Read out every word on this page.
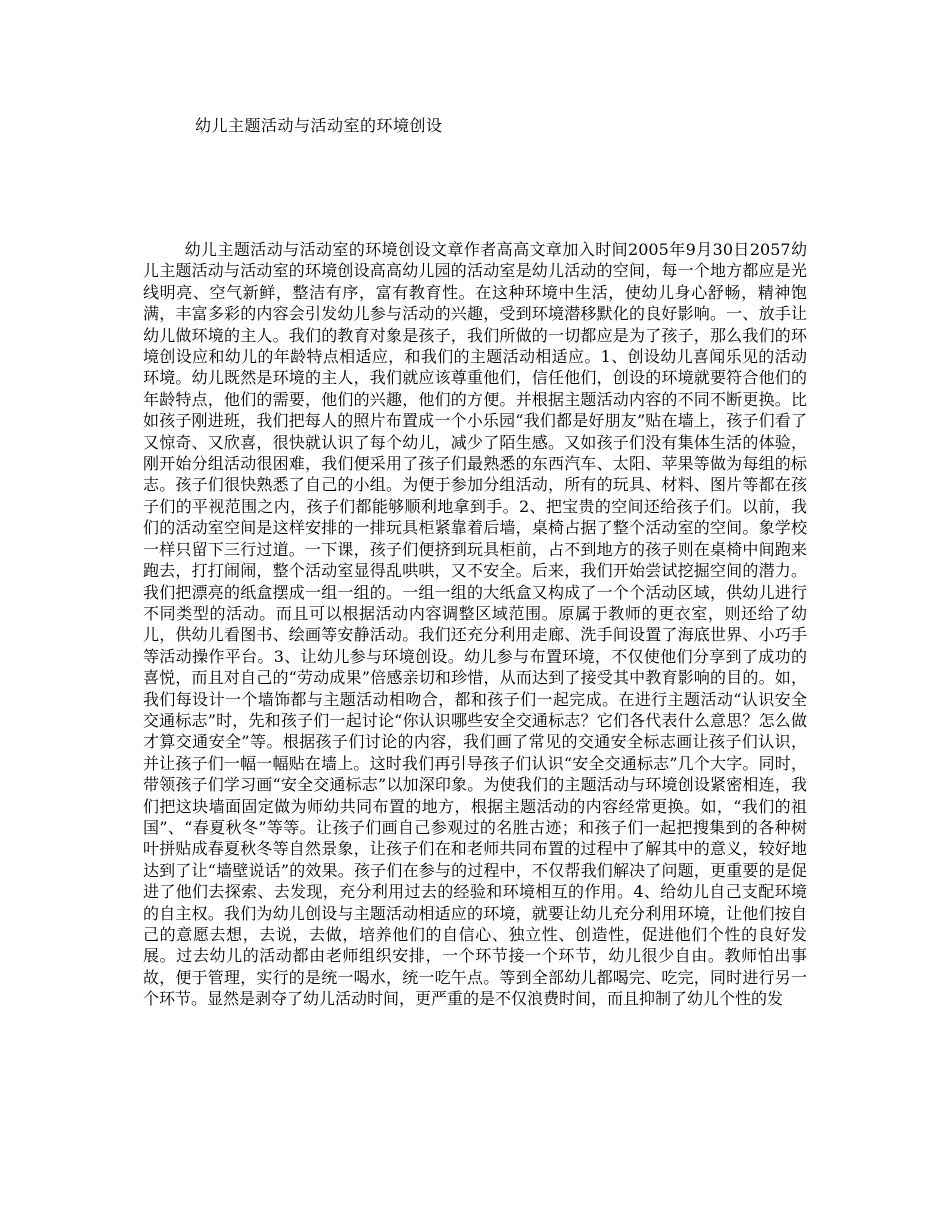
幼儿主题活动与活动室的环境创设

幼儿主题活动与活动室的环境创设文章作者高高文章加入时间2005年9月30日2057幼儿主题活动与活动室的环境创设高高幼儿园的活动室是幼儿活动的空间，每一个地方都应是光线明亮、空气新鲜，整洁有序，富有教育性。在这种环境中生活，使幼儿身心舒畅，精神饱满，丰富多彩的内容会引发幼儿参与活动的兴趣，受到环境潜移默化的良好影响。一、放手让幼儿做环境的主人。我们的教育对象是孩子，我们所做的一切都应是为了孩子，那么我们的环境创设应和幼儿的年龄特点相适应，和我们的主题活动相适应。1、创设幼儿喜闻乐见的活动环境。幼儿既然是环境的主人，我们就应该尊重他们，信任他们，创设的环境就要符合他们的年龄特点，他们的需要，他们的兴趣，他们的方便。并根据主题活动内容的不同不断更换。比如孩子刚进班，我们把每人的照片布置成一个小乐园“我们都是好朋友”贴在墙上，孩子们看了又惊奇、又欣喜，很快就认识了每个幼儿，减少了陌生感。又如孩子们没有集体生活的体验，刚开始分组活动很困难，我们便采用了孩子们最熟悉的东西汽车、太阳、苹果等做为每组的标志。孩子们很快熟悉了自己的小组。为便于参加分组活动，所有的玩具、材料、图片等都在孩子们的平视范围之内，孩子们都能够顺利地拿到手。2、把宝贵的空间还给孩子们。以前，我们的活动室空间是这样安排的一排玩具柜紧靠着后墙，桌椅占据了整个活动室的空间。象学校一样只留下三行过道。一下课，孩子们便挤到玩具柜前，占不到地方的孩子则在桌椅中间跑来跑去，打打闹闹，整个活动室显得乱哄哄，又不安全。后来，我们开始尝试挖掘空间的潜力。我们把漂亮的纸盒摆成一组一组的。一组一组的大纸盒又构成了一个个活动区域，供幼儿进行不同类型的活动。而且可以根据活动内容调整区域范围。原属于教师的更衣室，则还给了幼儿，供幼儿看图书、绘画等安静活动。我们还充分利用走廊、洗手间设置了海底世界、小巧手等活动操作平台。3、让幼儿参与环境创设。幼儿参与布置环境，不仅使他们分享到了成功的喜悦，而且对自己的“劳动成果”倍感亲切和珍惜，从而达到了接受其中教育影响的目的。如，我们每设计一个墙饰都与主题活动相吻合，都和孩子们一起完成。在进行主题活动“认识安全交通标志”时，先和孩子们一起讨论“你认识哪些安全交通标志？它们各代表什么意思？怎么做才算交通安全”等。根据孩子们讨论的内容，我们画了常见的交通安全标志画让孩子们认识，并让孩子们一幅一幅贴在墙上。这时我们再引导孩子们认识“安全交通标志”几个大字。同时，带领孩子们学习画“安全交通标志”以加深印象。为使我们的主题活动与环境创设紧密相连，我们把这块墙面固定做为师幼共同布置的地方，根据主题活动的内容经常更换。如，“我们的祖国”、“春夏秋冬”等等。让孩子们画自己参观过的名胜古迹；和孩子们一起把搜集到的各种树叶拼贴成春夏秋冬等自然景象，让孩子们在和老师共同布置的过程中了解其中的意义，较好地达到了让“墙壁说话”的效果。孩子们在参与的过程中，不仅帮我们解决了问题，更重要的是促进了他们去探索、去发现，充分利用过去的经验和环境相互的作用。4、给幼儿自己支配环境的自主权。我们为幼儿创设与主题活动相适应的环境，就要让幼儿充分利用环境，让他们按自己的意愿去想，去说，去做，培养他们的自信心、独立性、创造性，促进他们个性的良好发展。过去幼儿的活动都由老师组织安排，一个环节接一个环节，幼儿很少自由。教师怕出事故，便于管理，实行的是统一喝水，统一吃午点。等到全部幼儿都喝完、吃完，同时进行另一个环节。显然是剥夺了幼儿活动时间，更严重的是不仅浪费时间，而且抑制了幼儿个性的发
